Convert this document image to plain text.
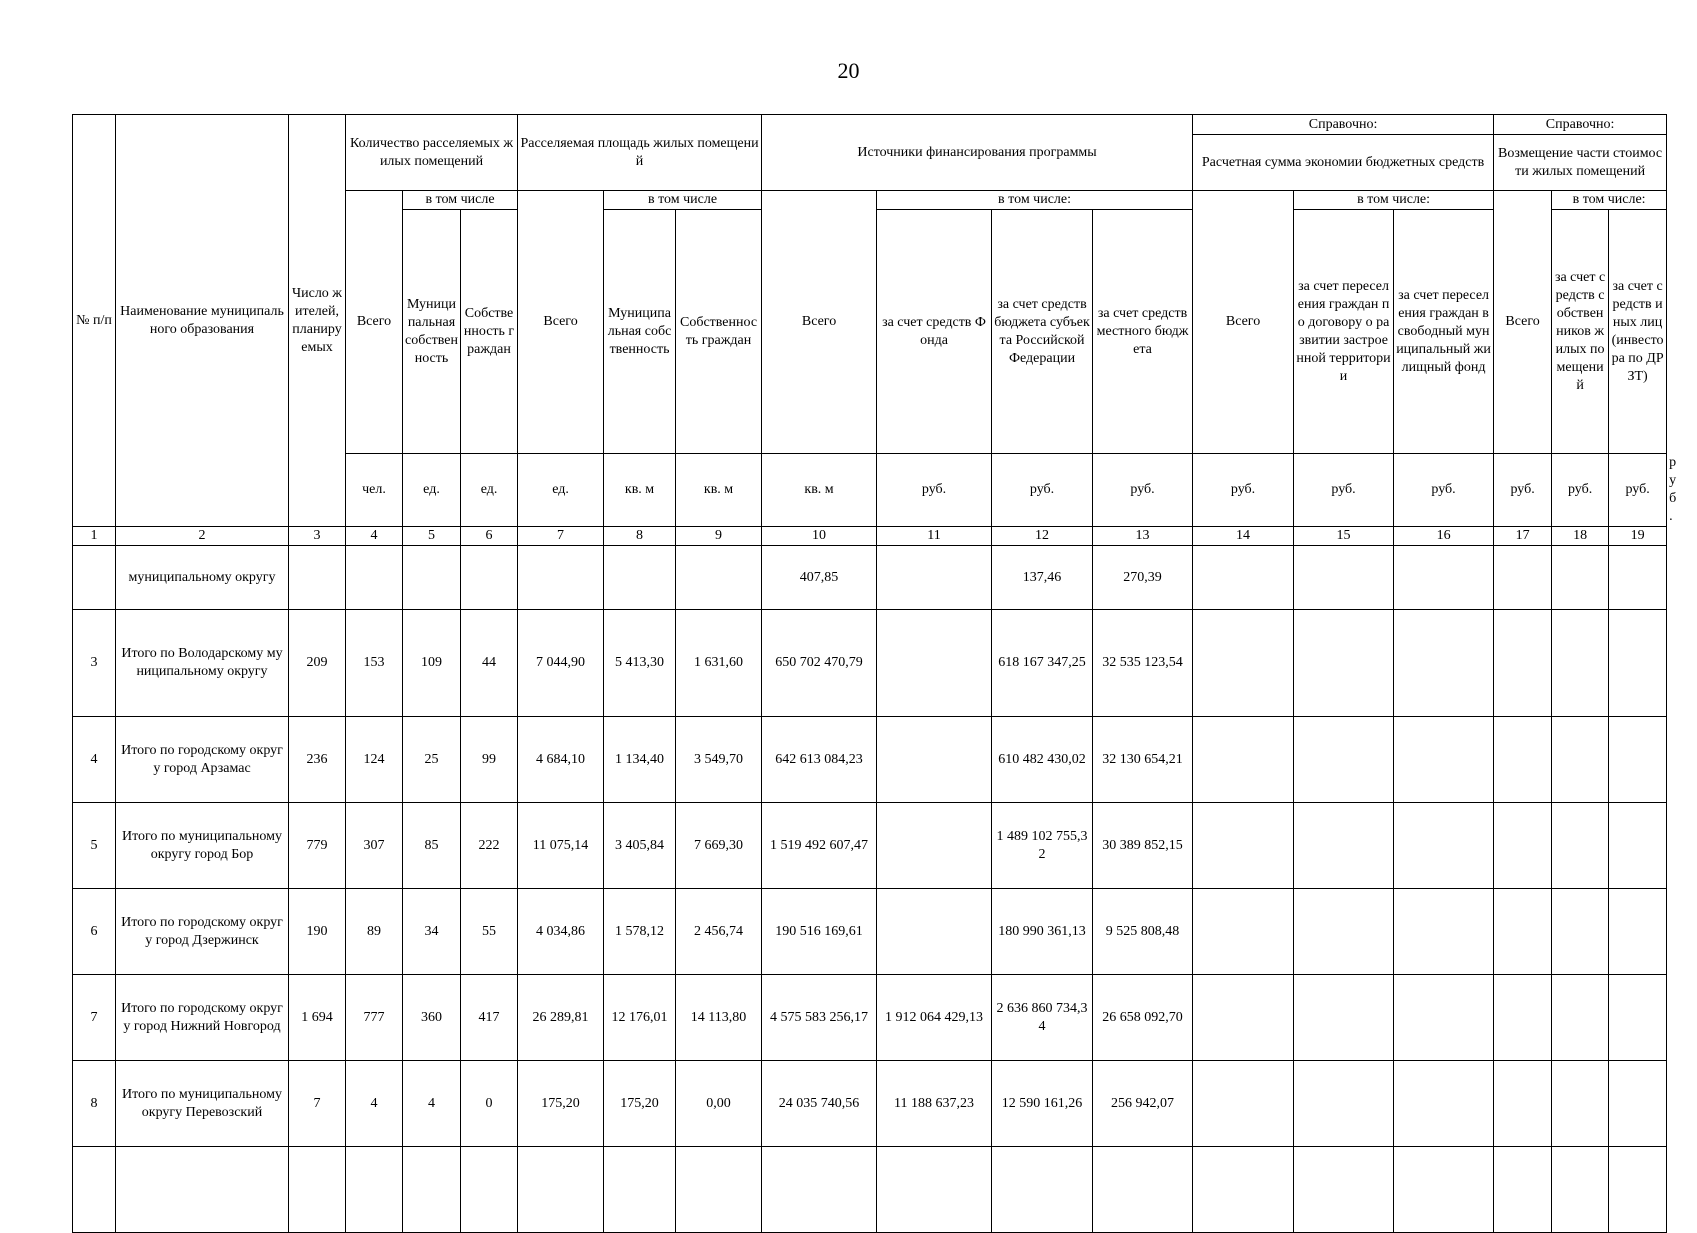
20
№ п/п	Наименование муниципального образования	Число жителей, планируемых	Количество расселяемых жилых помещений			Расселяемая площадь жилых помещений			Источники финансирования программы				Справочно:			Справочно:			
													Расчетная сумма экономии бюджетных средств			Возмещение части стоимости жилых помещений			
			Всего	в том числе		Всего	в том числе		Всего	в том числе:			Всего	в том числе:		Всего	в том числе:		
				Муниципальная собственность	Собственность граждан		Муниципальная собственность	Собственность граждан		за счет средств Фонда	за счет средств бюджета субъекта Российской Федерации	за счет средств местного бюджета		за счет переселения граждан по договору о развитии застроенной территории	за счет переселения граждан в свободный муниципальный жилищный фонд		за счет средств собственников жилых помещений	за счет средств иных лиц (инвестора по ДРЗТ)	
			чел.	ед.	ед.	ед.	кв. м	кв. м	кв. м	руб.	руб.	руб.	руб.	руб.	руб.	руб.	руб.	руб.	руб.
1	2	3	4	5	6	7	8	9	10	11	12	13	14	15	16	17	18	19	
	муниципальному округу								407,85		137,46	270,39							
3	Итого по Володарскому муниципальному округу	209	153	109	44	7 044,90	5 413,30	1 631,60	650 702 470,79		618 167 347,25	32 535 123,54							
4	Итого по городскому округу город Арзамас	236	124	25	99	4 684,10	1 134,40	3 549,70	642 613 084,23		610 482 430,02	32 130 654,21							
5	Итого по муниципальному округу город Бор	779	307	85	222	11 075,14	3 405,84	7 669,30	1 519 492 607,47		1 489 102 755,32	30 389 852,15							
6	Итого по городскому округу город Дзержинск	190	89	34	55	4 034,86	1 578,12	2 456,74	190 516 169,61		180 990 361,13	9 525 808,48							
7	Итого по городскому округу город Нижний Новгород	1 694	777	360	417	26 289,81	12 176,01	14 113,80	4 575 583 256,17	1 912 064 429,13	2 636 860 734,34	26 658 092,70							
8	Итого по муниципальному округу Перевозский	7	4	4	0	175,20	175,20	0,00	24 035 740,56	11 188 637,23	12 590 161,26	256 942,07							
